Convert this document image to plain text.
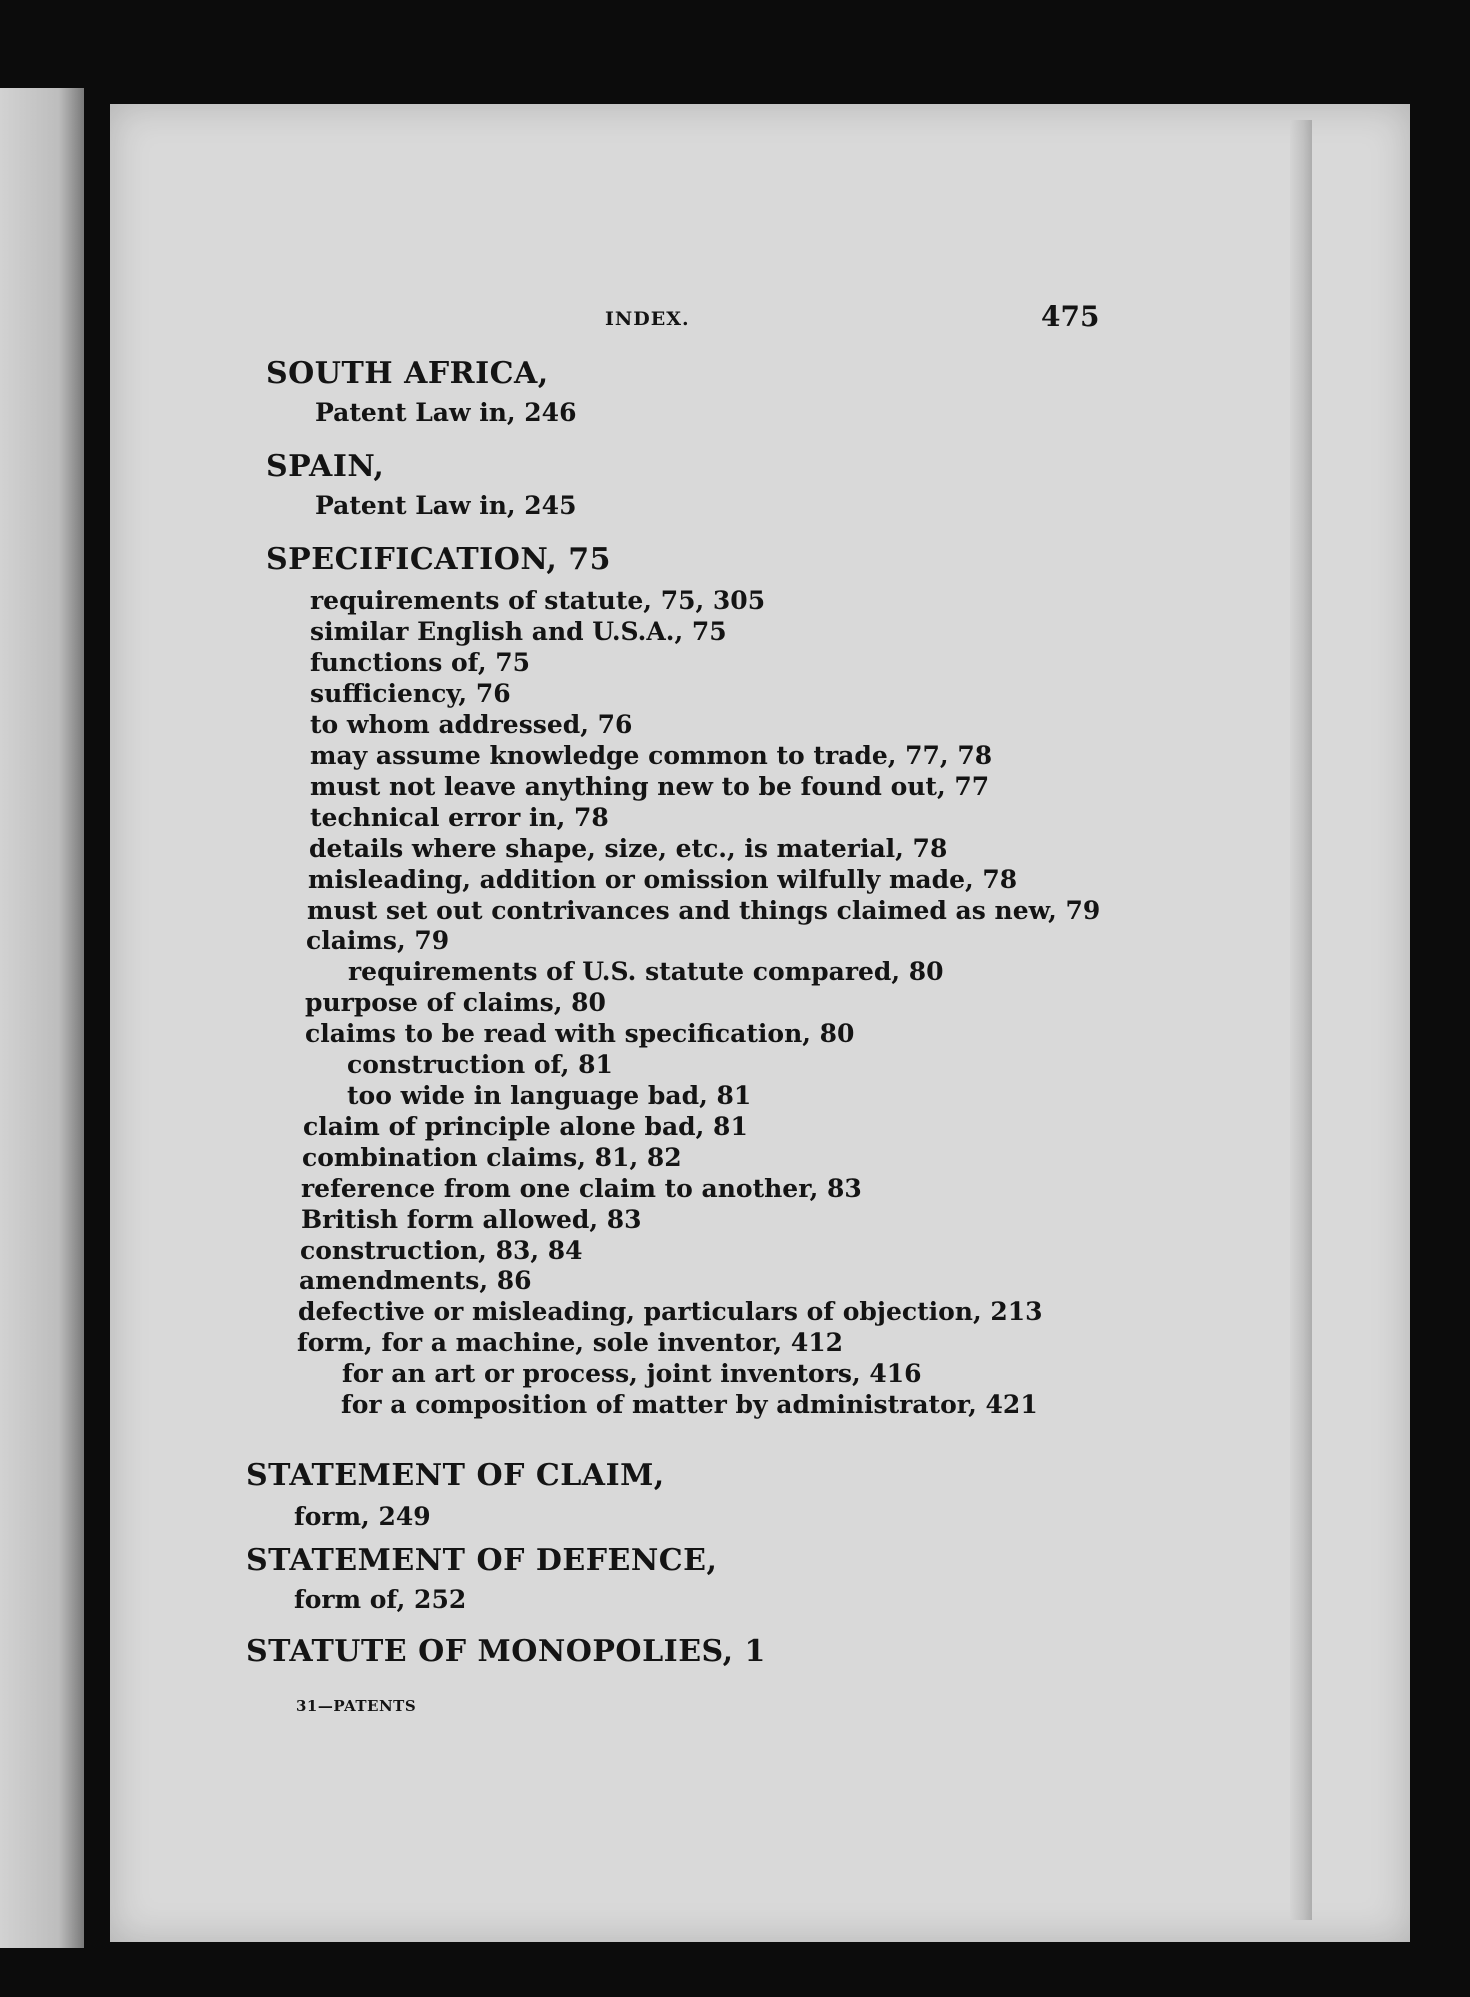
INDEX.	475
SOUTH AFRICA,
Patent Law in, 246
SPAIN,
Patent Law in, 245
SPECIFICATION, 75
requirements of statute, 75, 305
similar English and U.S.A., 75
functions of, 75
sufficiency, 76
to whom addressed, 76
may assume knowledge common to trade, 77, 78
must not leave anything new to be found out, 77
technical error in, 78
details where shape, size, etc., is material, 78
misleading, addition or omission wilfully made, 78
must set out contrivances and things claimed as new, 79
claims, 79
requirements of U.S. statute compared, 80
purpose of claims, 80
claims to be read with specification, 80
construction of, 81
too wide in language bad, 81
claim of principle alone bad, 81
combination claims, 81, 82
reference from one claim to another, 83
British form allowed, 83
construction, 83, 84
amendments, 86
defective or misleading, particulars of objection, 213
form, for a machine, sole inventor, 412
for an art or process, joint inventors, 416
for a composition of matter by administrator, 421
STATEMENT OF CLAIM,
form, 249
STATEMENT OF DEFENCE,
form of, 252
STATUTE OF MONOPOLIES, 1
31—PATENTS
